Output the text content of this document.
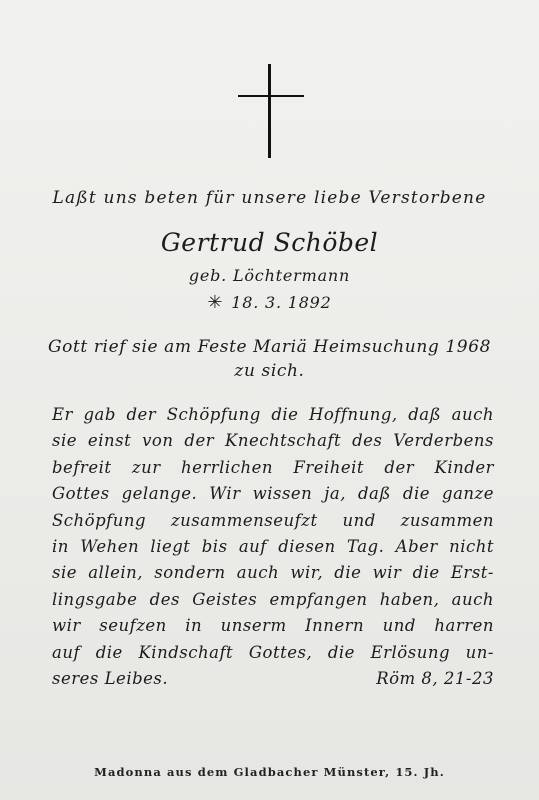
Laßt uns beten für unsere liebe Verstorbene
Gertrud Schöbel
geb. Löchtermann
✳ 18. 3. 1892
Gott rief sie am Feste Mariä Heimsuchung 1968
zu sich.
Er gab der Schöpfung die Hoffnung, daß auch
sie einst von der Knechtschaft des Verderbens
befreit zur herrlichen Freiheit der Kinder
Gottes gelange. Wir wissen ja, daß die ganze
Schöpfung zusammenseufzt und zusammen
in Wehen liegt bis auf diesen Tag. Aber nicht
sie allein, sondern auch wir, die wir die Erst-
lingsgabe des Geistes empfangen haben, auch
wir seufzen in unserm Innern und harren
auf die Kindschaft Gottes, die Erlösung un-
seres Leibes.	Röm 8, 21-23
Madonna aus dem Gladbacher Münster, 15. Jh.
